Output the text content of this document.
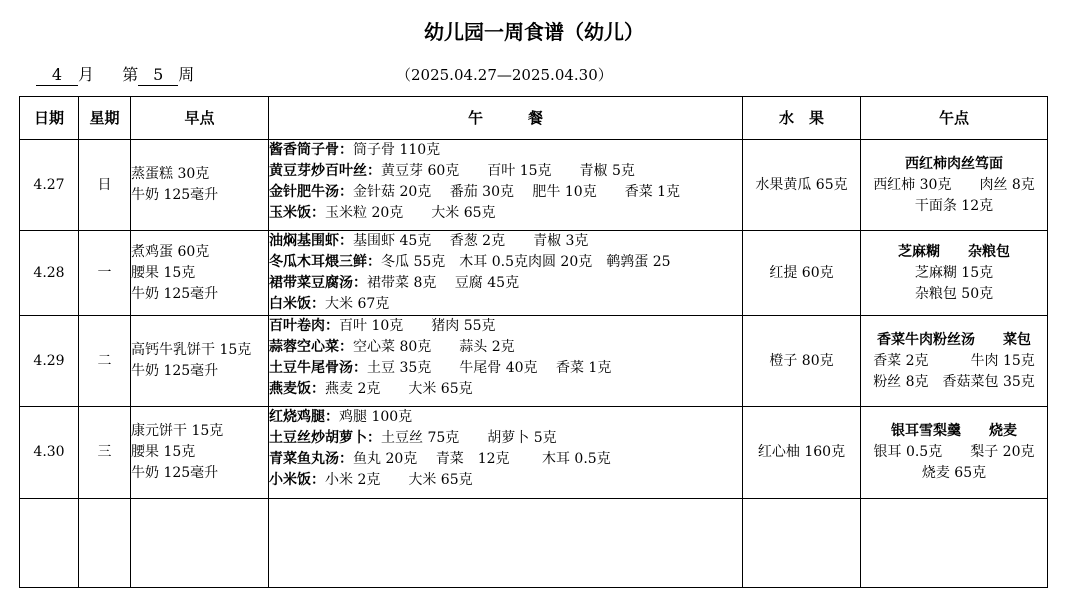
幼儿园一周食谱（幼儿）
4 月 第 5 周	（2025.04.27—2025.04.30）
日期	星期	早点	午　　　餐	水　果	午点
4.27	日	蒸蛋糕 30克
牛奶 125毫升	酱香筒子骨：筒子骨 110克
黄豆芽炒百叶丝：黄豆芽 60克　　百叶 15克　　青椒 5克
金针肥牛汤：金针菇 20克　 番茄 30克　 肥牛 10克　　香菜 1克
玉米饭：玉米粒 20克　　大米 65克	水果黄瓜 65克	西红柿肉丝笃面
西红柿 30克　　肉丝 8克
干面条 12克

4.28	一	煮鸡蛋 60克
腰果 15克
牛奶 125毫升	油焖基围虾：基围虾 45克　 香葱 2克　　青椒 3克
冬瓜木耳煨三鲜：冬瓜 55克　木耳 0.5克肉圆 20克　鹌鹑蛋 25
裙带菜豆腐汤：裙带菜 8克　 豆腐 45克
白米饭：大米 67克	红提 60克	芝麻糊　　杂粮包
芝麻糊 15克
杂粮包 50克

4.29	二	高钙牛乳饼干 15克
牛奶 125毫升	百叶卷肉：百叶 10克　　猪肉 55克
蒜蓉空心菜：空心菜 80克　　蒜头 2克
土豆牛尾骨汤：土豆 35克　　牛尾骨 40克　 香菜 1克
燕麦饭：燕麦 2克　　大米 65克	橙子 80克	香菜牛肉粉丝汤　　菜包
香菜 2克　　　牛肉 15克
粉丝 8克　香菇菜包 35克

4.30	三	康元饼干 15克
腰果 15克
牛奶 125毫升	红烧鸡腿：鸡腿 100克
土豆丝炒胡萝卜：土豆丝 75克　　胡萝卜 5克
青菜鱼丸汤：鱼丸 20克　 青菜　12克　　 木耳 0.5克
小米饭：小米 2克　　大米 65克	红心柚 160克	银耳雪梨羹　　烧麦
银耳 0.5克　　梨子 20克
烧麦 65克
